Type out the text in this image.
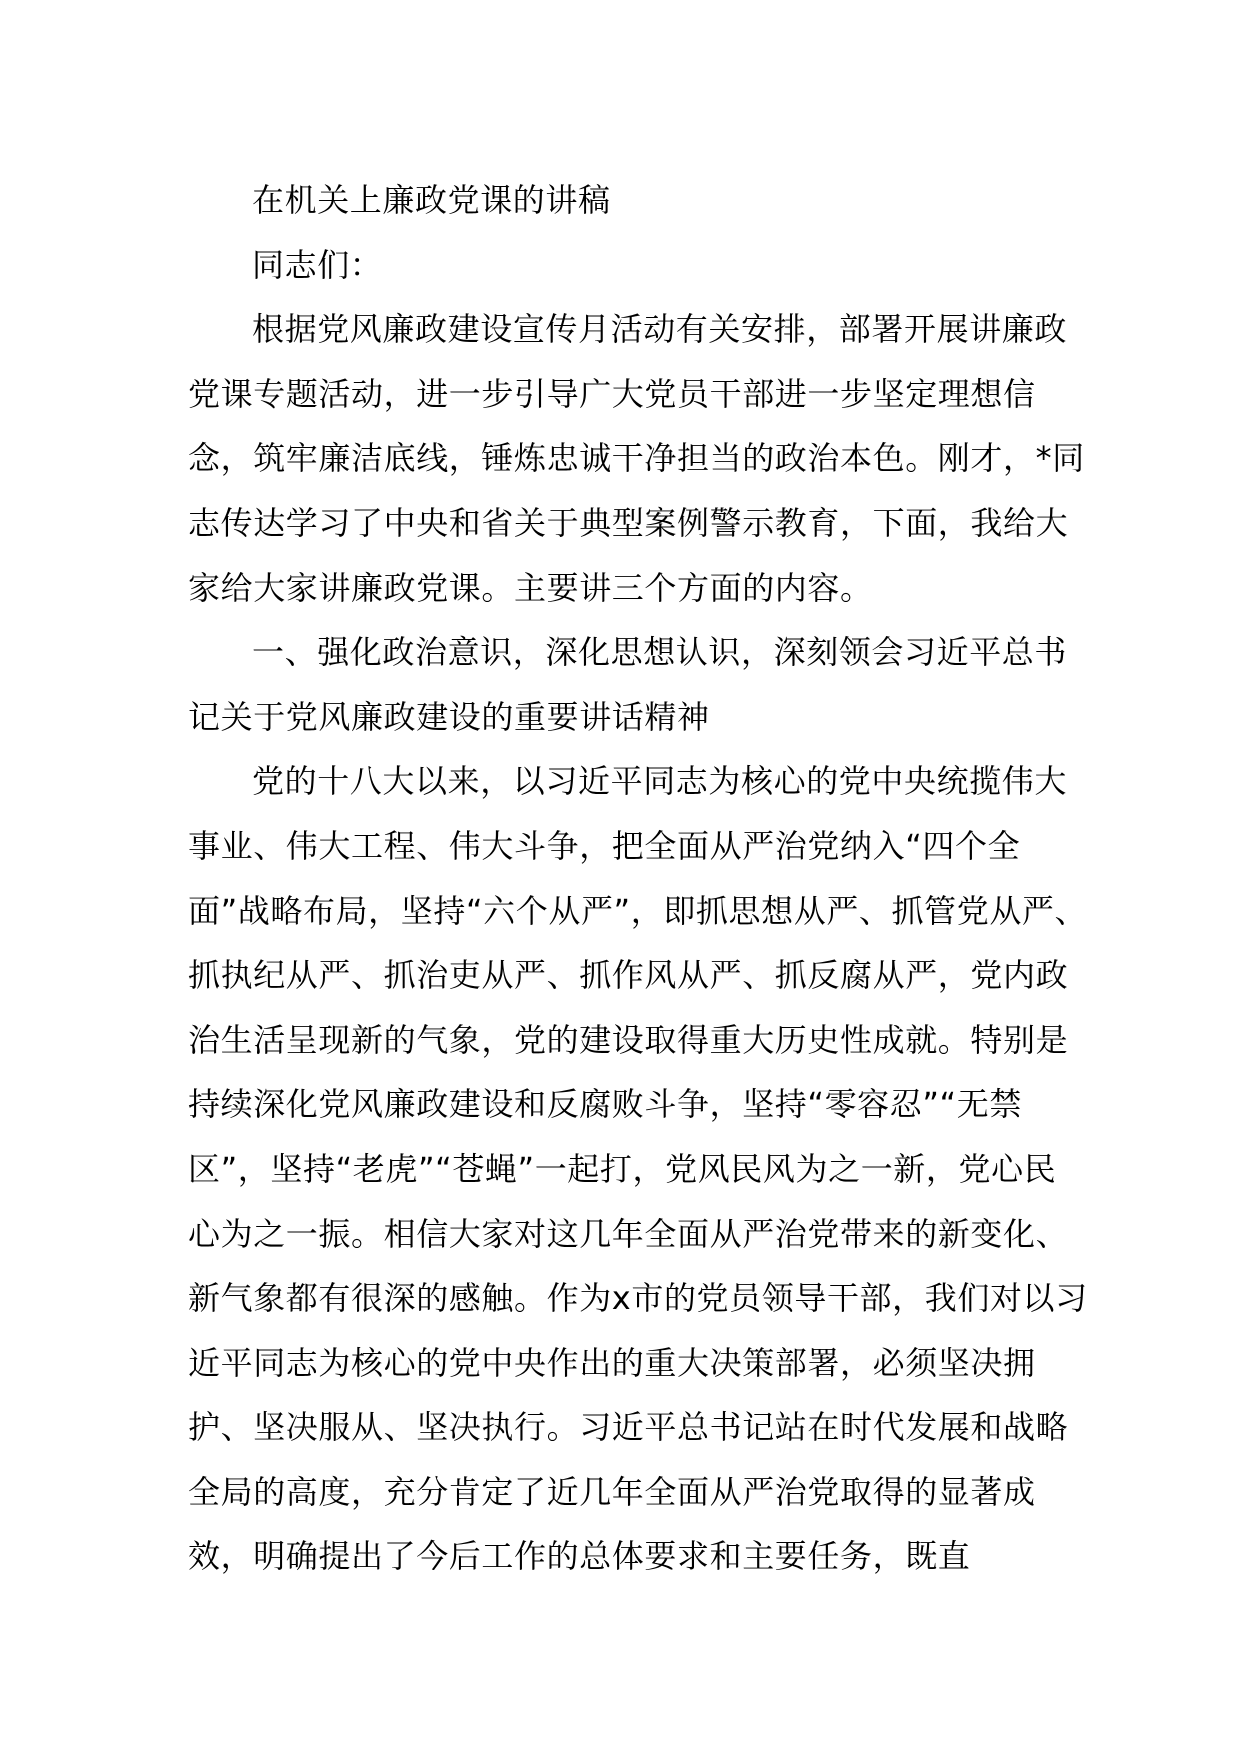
在机关上廉政党课的讲稿

同志们：

根据党风廉政建设宣传月活动有关安排，部署开展讲廉政党课专题活动，进一步引导广大党员干部进一步坚定理想信念，筑牢廉洁底线，锤炼忠诚干净担当的政治本色。刚才，*同志传达学习了中央和省关于典型案例警示教育，下面，我给大家给大家讲廉政党课。主要讲三个方面的内容。

一、强化政治意识，深化思想认识，深刻领会习近平总书记关于党风廉政建设的重要讲话精神

党的十八大以来，以习近平同志为核心的党中央统揽伟大事业、伟大工程、伟大斗争，把全面从严治党纳入“四个全面”战略布局，坚持“六个从严”，即抓思想从严、抓管党从严、抓执纪从严、抓治吏从严、抓作风从严、抓反腐从严，党内政治生活呈现新的气象，党的建设取得重大历史性成就。特别是持续深化党风廉政建设和反腐败斗争，坚持“零容忍”“无禁区”，坚持“老虎”“苍蝇”一起打，党风民风为之一新，党心民心为之一振。相信大家对这几年全面从严治党带来的新变化、新气象都有很深的感触。作为x市的党员领导干部，我们对以习近平同志为核心的党中央作出的重大决策部署，必须坚决拥护、坚决服从、坚决执行。习近平总书记站在时代发展和战略全局的高度，充分肯定了近几年全面从严治党取得的显著成效，明确提出了今后工作的总体要求和主要任务，既直
